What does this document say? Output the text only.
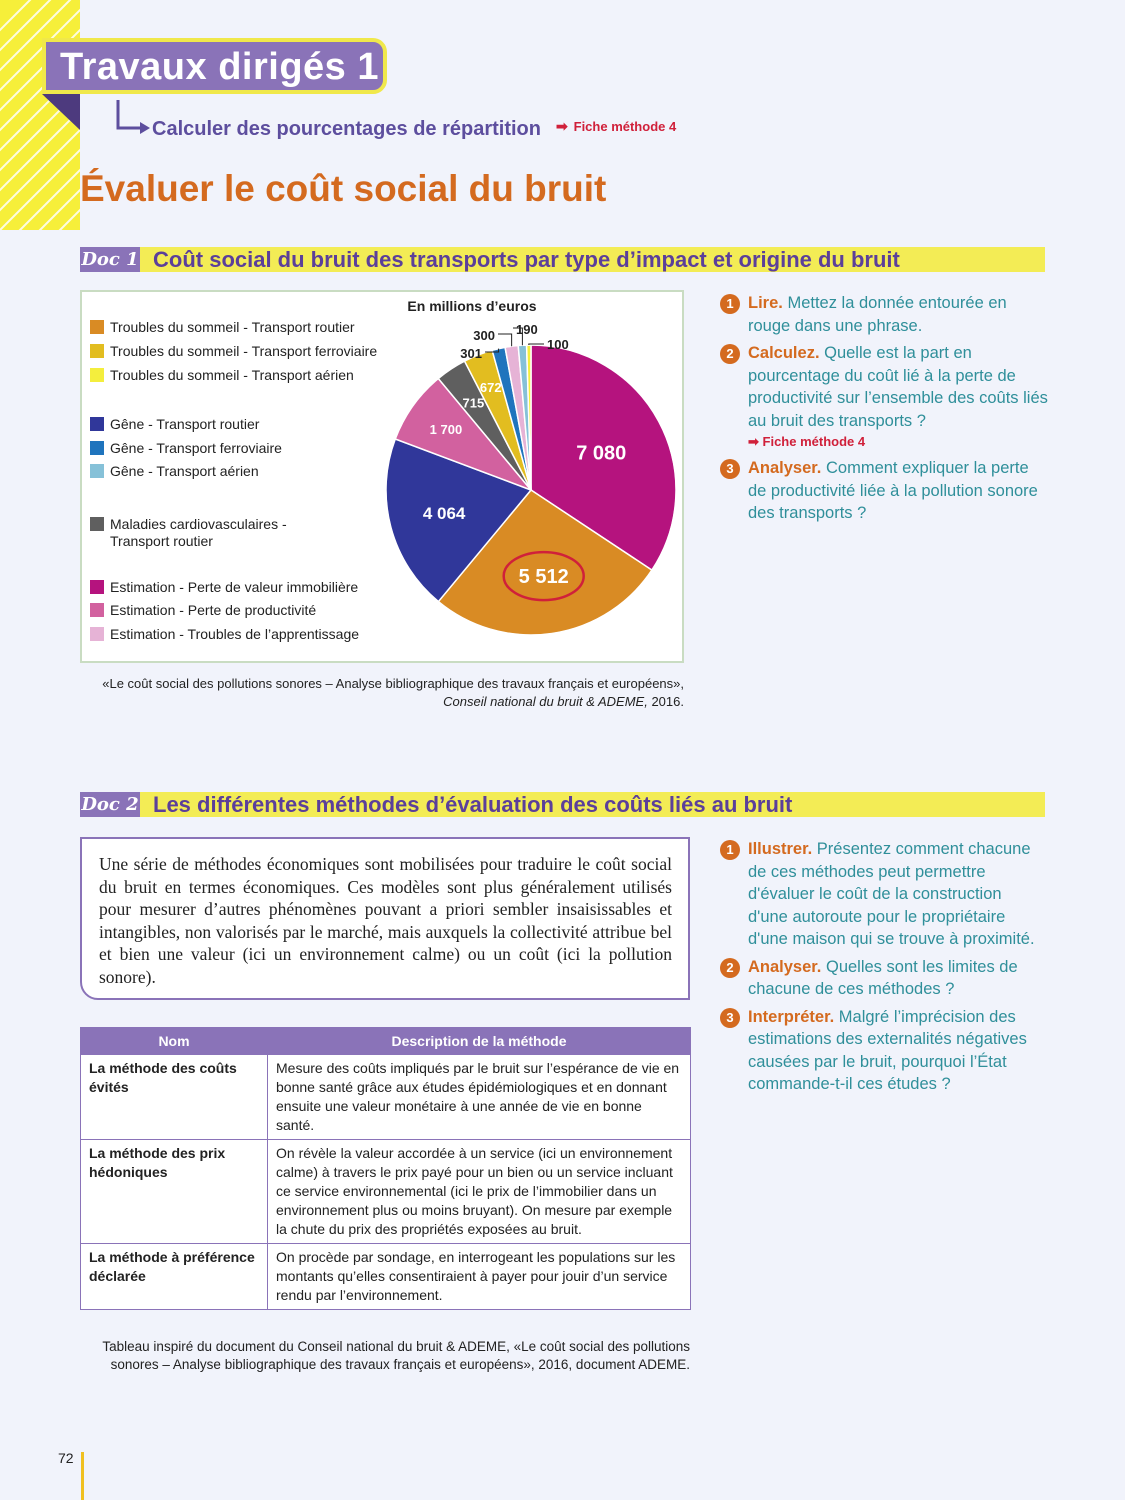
Travaux dirigés 1
Calculer des pourcentages de répartition ➡ Fiche méthode 4
Évaluer le coût social du bruit
Doc 1 Coût social du bruit des transports par type d’impact et origine du bruit
Troubles du sommeil - Transport routier
Troubles du sommeil - Transport ferroviaire
Troubles du sommeil - Transport aérien
Gêne - Transport routier
Gêne - Transport ferroviaire
Gêne - Transport aérien
Maladies cardiovasculaires -
Transport routier
Estimation - Perte de valeur immobilière
Estimation - Perte de productivité
Estimation - Troubles de l’apprentissage
En millions d’euros
7 080
5 512
4 064
1 700
715
672
301
300 190
100
«Le coût social des pollutions sonores – Analyse bibliographique des travaux français et européens»,
Conseil national du bruit & ADEME, 2016.
1 Lire. Mettez la donnée entourée en rouge dans une phrase.
2 Calculez. Quelle est la part en pourcentage du coût lié à la perte de productivité sur l’ensemble des coûts liés au bruit des transports ?
➡ Fiche méthode 4
3 Analyser. Comment expliquer la perte de productivité liée à la pollution sonore des transports ?
Doc 2 Les différentes méthodes d’évaluation des coûts liés au bruit
Une série de méthodes économiques sont mobilisées pour traduire le coût social du bruit en termes économiques. Ces modèles sont plus généralement utilisés pour mesurer d’autres phénomènes pouvant a priori sembler insaisissables et intangibles, non valorisés par le marché, mais auxquels la collectivité attribue bel et bien une valeur (ici un environnement calme) ou un coût (ici la pollution sonore).
Nom	Description de la méthode
La méthode des coûts évités	Mesure des coûts impliqués par le bruit sur l’espérance de vie en bonne santé grâce aux études épidémiologiques et en donnant ensuite une valeur monétaire à une année de vie en bonne santé.
La méthode des prix hédoniques	On révèle la valeur accordée à un service (ici un environnement calme) à travers le prix payé pour un bien ou un service incluant ce service environnemental (ici le prix de l’immobilier dans un environnement plus ou moins bruyant). On mesure par exemple la chute du prix des propriétés exposées au bruit.
La méthode à préférence déclarée	On procède par sondage, en interrogeant les populations sur les montants qu’elles consentiraient à payer pour jouir d’un service rendu par l’environnement.
Tableau inspiré du document du Conseil national du bruit & ADEME, «Le coût social des pollutions
sonores – Analyse bibliographique des travaux français et européens», 2016, document ADEME.
1 Illustrer. Présentez comment chacune de ces méthodes peut permettre d'évaluer le coût de la construction d'une autoroute pour le propriétaire d'une maison qui se trouve à proximité.
2 Analyser. Quelles sont les limites de chacune de ces méthodes ?
3 Interpréter. Malgré l’imprécision des estimations des externalités négatives causées par le bruit, pourquoi l’État commande-t-il ces études ?
72
